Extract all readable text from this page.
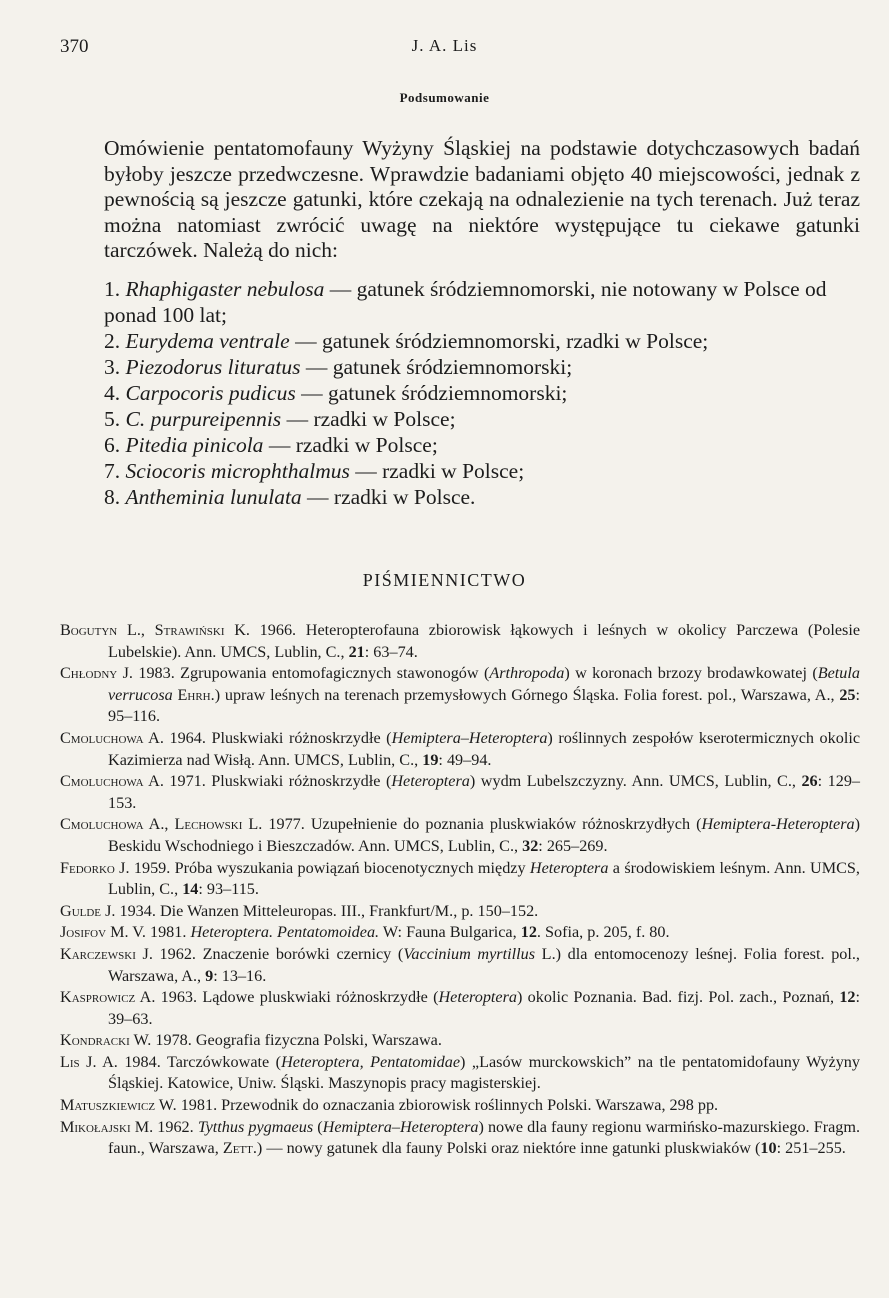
370	J. A. Lis
Podsumowanie

Omówienie pentatomofauny Wyżyny Śląskiej na podstawie dotychczasowych badań byłoby jeszcze przedwczesne. Wprawdzie badaniami objęto 40 miejscowości, jednak z pewnością są jeszcze gatunki, które czekają na odnalezienie na tych terenach. Już teraz można natomiast zwrócić uwagę na niektóre występujące tu ciekawe gatunki tarczówek. Należą do nich:

1. Rhaphigaster nebulosa — gatunek śródziemnomorski, nie notowany w Polsce od ponad 100 lat;
2. Eurydema ventrale — gatunek śródziemnomorski, rzadki w Polsce;
3. Piezodorus lituratus — gatunek śródziemnomorski;
4. Carpocoris pudicus — gatunek śródziemnomorski;
5. C. purpureipennis — rzadki w Polsce;
6. Pitedia pinicola — rzadki w Polsce;
7. Sciocoris microphthalmus — rzadki w Polsce;
8. Antheminia lunulata — rzadki w Polsce.
PIŚMIENNICTWO

Bogutyn L., Strawiński K. 1966. Heteropterofauna zbiorowisk łąkowych i leśnych w okolicy Parczewa (Polesie Lubelskie). Ann. UMCS, Lublin, C., 21: 63–74.

Chłodny J. 1983. Zgrupowania entomofagicznych stawonogów (Arthropoda) w koronach brzozy brodawkowatej (Betula verrucosa Ehrh.) upraw leśnych na terenach przemysłowych Górnego Śląska. Folia forest. pol., Warszawa, A., 25: 95–116.

Cmoluchowa A. 1964. Pluskwiaki różnoskrzydłe (Hemiptera–Heteroptera) roślinnych zespołów kserotermicznych okolic Kazimierza nad Wisłą. Ann. UMCS, Lublin, C., 19: 49–94.

Cmoluchowa A. 1971. Pluskwiaki różnoskrzydłe (Heteroptera) wydm Lubelszczyzny. Ann. UMCS, Lublin, C., 26: 129–153.

Cmoluchowa A., Lechowski L. 1977. Uzupełnienie do poznania pluskwiaków różnoskrzydłych (Hemiptera-Heteroptera) Beskidu Wschodniego i Bieszczadów. Ann. UMCS, Lublin, C., 32: 265–269.

Fedorko J. 1959. Próba wyszukania powiązań biocenotycznych między Heteroptera a środowiskiem leśnym. Ann. UMCS, Lublin, C., 14: 93–115.

Gulde J. 1934. Die Wanzen Mitteleuropas. III., Frankfurt/M., p. 150–152.

Josifov M. V. 1981. Heteroptera. Pentatomoidea. W: Fauna Bulgarica, 12. Sofia, p. 205, f. 80.

Karczewski J. 1962. Znaczenie borówki czernicy (Vaccinium myrtillus L.) dla entomocenozy leśnej. Folia forest. pol., Warszawa, A., 9: 13–16.

Kasprowicz A. 1963. Lądowe pluskwiaki różnoskrzydłe (Heteroptera) okolic Poznania. Bad. fizj. Pol. zach., Poznań, 12: 39–63.

Kondracki W. 1978. Geografia fizyczna Polski, Warszawa.

Lis J. A. 1984. Tarczówkowate (Heteroptera, Pentatomidae) „Lasów murckowskich” na tle pentatomidofauny Wyżyny Śląskiej. Katowice, Uniw. Śląski. Maszynopis pracy magisterskiej.

Matuszkiewicz W. 1981. Przewodnik do oznaczania zbiorowisk roślinnych Polski. Warszawa, 298 pp.

Mikołajski M. 1962. Tytthus pygmaeus (Hemiptera–Heteroptera) nowe dla fauny regionu warmińsko-mazurskiego. Fragm. faun., Warszawa, Zett.) — nowy gatunek dla fauny Polski oraz niektóre inne gatunki pluskwiaków (10: 251–255.
